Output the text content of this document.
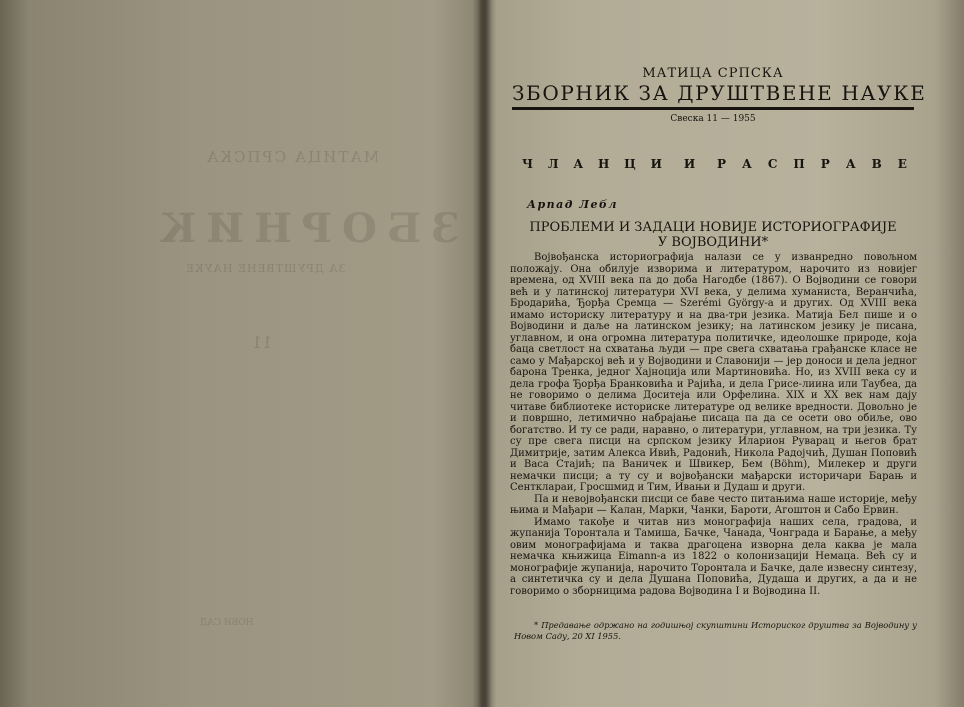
МАТИЦА СРПСКА
ЗБОРНИК
ЗА ДРУШТВЕНЕ НАУКЕ
11
НОВИ САД

МАТИЦА СРПСКА

ЗБОРНИК ЗА ДРУШТВЕНЕ НАУКЕ

Свеска 11 — 1955
Ч Л А Н Ц И И Р А С П Р А В Е
Арпад Лебл
ПРОБЛЕМИ И ЗАДАЦИ НОВИЈЕ ИСТОРИОГРАФИЈЕ
У ВОЈВОДИНИ*

Војвођанска историографија налази се у изванредно повољном положају. Она обилује изворима и литературом, нарочито из новијег времена, од XVIII века па до доба Нагодбе (1867). О Војводини се говори већ и у латинској литератури XVI века, у делима хуманиста, Веранчића, Бродарића, Ђорђа Сремца — Szerémi György-а и других. Од XVIII века имамо историску литературу и на два-три језика. Матија Бел пише и о Војводини и даље на латинском језику; на латинском језику је писана, углавном, и она огромна литература политичке, идеолошке природе, која баца светлост на схватања људи — пре свега схватања грађанске класе не само у Мађарској већ и у Војводини и Славонији — јер доноси и дела једног барона Тренка, једног Хајноција или Мартиновића. Но, из XVIII века су и дела грофа Ђорђа Бранковића и Рајића, и дела Грисе-лиина или Таубеа, да не говоримо о делима Доситеја или Орфелина. XIX и XX век нам дају читаве библиотеке историске литературе од велике вредности. Довољно је и површно, летимично набрајање писаца па да се осети ово обиље, ово богатство. И ту се ради, наравно, о литератури, углавном, на три језика. Ту су пре свега писци на српском језику Иларион Руварац и његов брат Димитрије, затим Алекса Ивић, Радонић, Никола Радојчић, Душан Поповић и Васа Стајић; па Ваничек и Швикер, Бем (Böhm), Милекер и други немачки писци; а ту су и војвођански мађарски историчари Барањ и Сентклараи, Гросшмид и Тим, Ивањи и Дудаш и други.

Па и невојвођански писци се баве често питањима наше историје, међу њима и Мађари — Калан, Марки, Чанки, Бароти, Агоштон и Сабо Ервин.

Имамо такође и читав низ монографија наших села, градова, и жупанија Торонтала и Тамиша, Бачке, Чанада, Чонграда и Барање, а међу овим монографијама и таква драгоцена изворна дела каква је мала немачка књижица Eimann-а из 1822 о колонизацији Немаца. Већ су и монографије жупанија, нарочито Торонтала и Бачке, дале извесну синтезу, а синтетичка су и дела Душана Поповића, Дудаша и других, а да и не говоримо о зборницима радова Војводина I и Војводина II.

* Предавање одржано на годишњој скупштини Историског друштва за Војводину у Новом Саду, 20 XI 1955.
